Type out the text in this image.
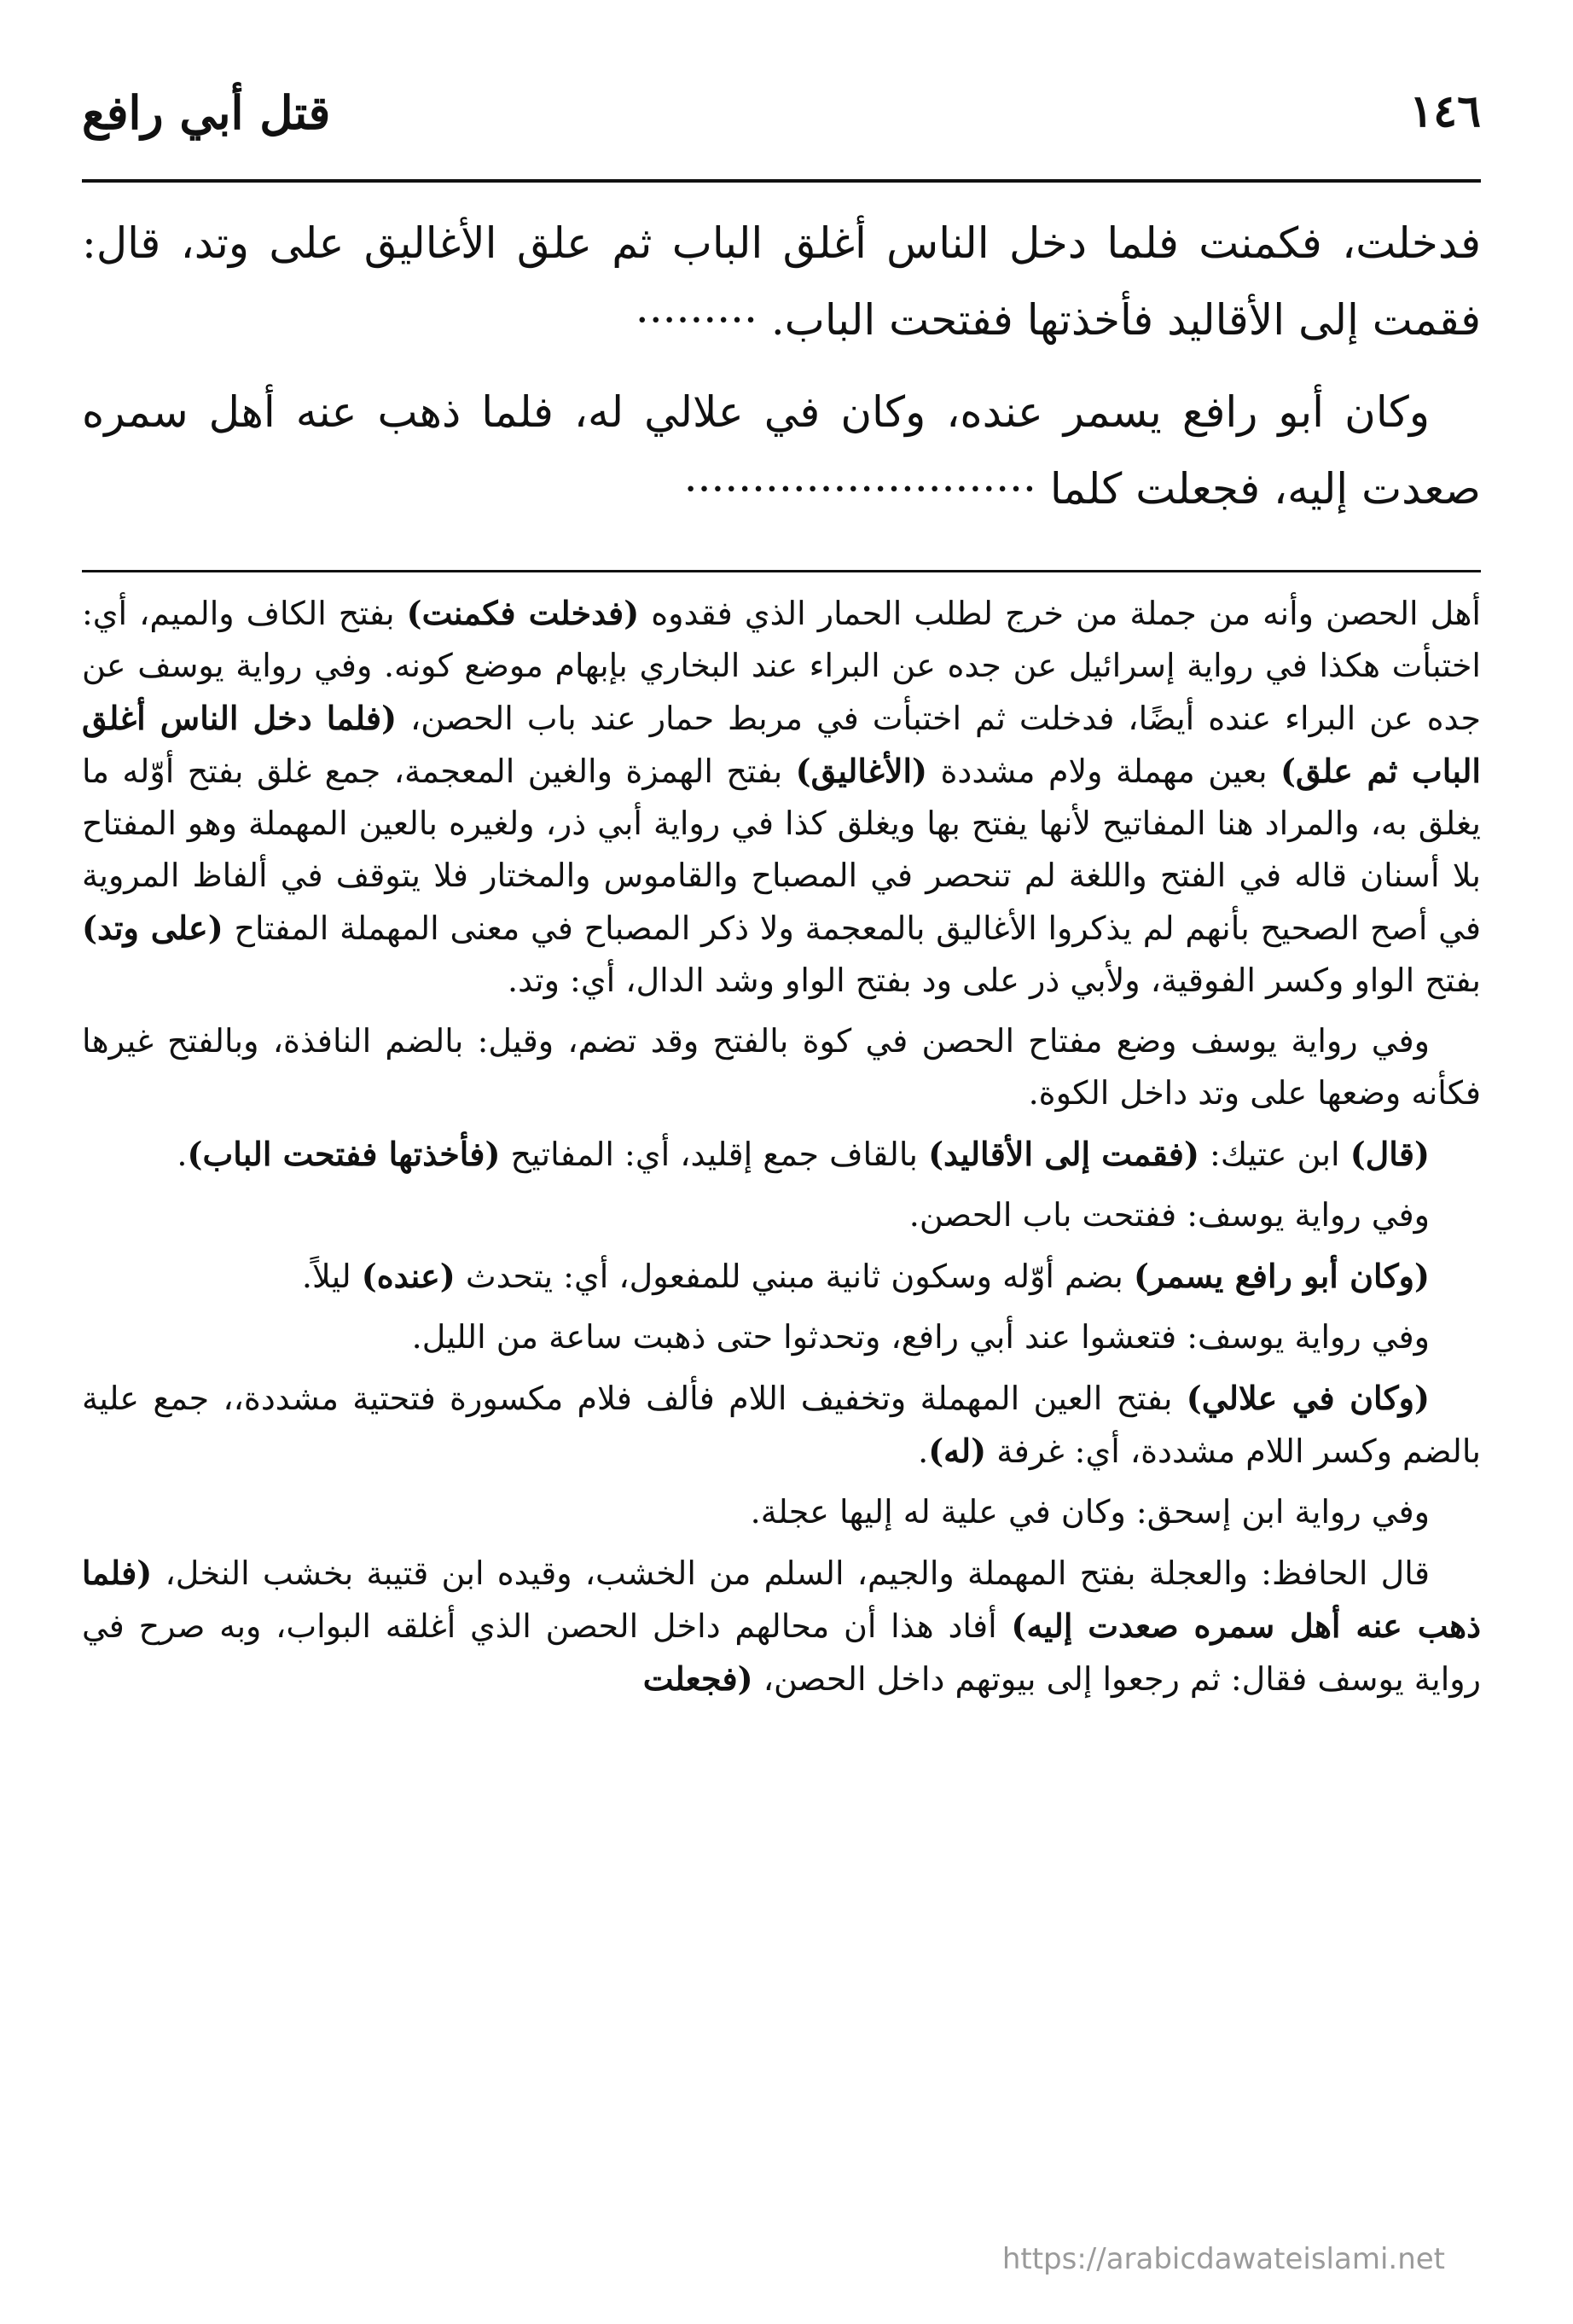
١٤٦
قتل أبي رافع

فدخلت، فكمنت فلما دخل الناس أغلق الباب ثم علق الأغاليق على وتد، قال: فقمت إلى الأقاليد فأخذتها ففتحت الباب. ·········

وكان أبو رافع يسمر عنده، وكان في علالي له، فلما ذهب عنه أهل سمره صعدت إليه، فجعلت كلما ··························

أهل الحصن وأنه من جملة من خرج لطلب الحمار الذي فقدوه (فدخلت فكمنت) بفتح الكاف والميم، أي: اختبأت هكذا في رواية إسرائيل عن جده عن البراء عند البخاري بإبهام موضع كونه. وفي رواية يوسف عن جده عن البراء عنده أيضًا، فدخلت ثم اختبأت في مربط حمار عند باب الحصن، (فلما دخل الناس أغلق الباب ثم علق) بعين مهملة ولام مشددة (الأغاليق) بفتح الهمزة والغين المعجمة، جمع غلق بفتح أوّله ما يغلق به، والمراد هنا المفاتيح لأنها يفتح بها ويغلق كذا في رواية أبي ذر، ولغيره بالعين المهملة وهو المفتاح بلا أسنان قاله في الفتح واللغة لم تنحصر في المصباح والقاموس والمختار فلا يتوقف في ألفاظ المروية في أصح الصحيح بأنهم لم يذكروا الأغاليق بالمعجمة ولا ذكر المصباح في معنى المهملة المفتاح (على وتد) بفتح الواو وكسر الفوقية، ولأبي ذر على ود بفتح الواو وشد الدال، أي: وتد.

وفي رواية يوسف وضع مفتاح الحصن في كوة بالفتح وقد تضم، وقيل: بالضم النافذة، وبالفتح غيرها فكأنه وضعها على وتد داخل الكوة.

(قال) ابن عتيك: (فقمت إلى الأقاليد) بالقاف جمع إقليد، أي: المفاتيح (فأخذتها ففتحت الباب).

وفي رواية يوسف: ففتحت باب الحصن.

(وكان أبو رافع يسمر) بضم أوّله وسكون ثانية مبني للمفعول، أي: يتحدث (عنده) ليلاً.

وفي رواية يوسف: فتعشوا عند أبي رافع، وتحدثوا حتى ذهبت ساعة من الليل.

(وكان في علالي) بفتح العين المهملة وتخفيف اللام فألف فلام مكسورة فتحتية مشددة،، جمع علية بالضم وكسر اللام مشددة، أي: غرفة (له).

وفي رواية ابن إسحق: وكان في علية له إليها عجلة.

قال الحافظ: والعجلة بفتح المهملة والجيم، السلم من الخشب، وقيده ابن قتيبة بخشب النخل، (فلما ذهب عنه أهل سمره صعدت إليه) أفاد هذا أن محالهم داخل الحصن الذي أغلقه البواب، وبه صرح في رواية يوسف فقال: ثم رجعوا إلى بيوتهم داخل الحصن، (فجعلت

https://arabicdawateislami.net
